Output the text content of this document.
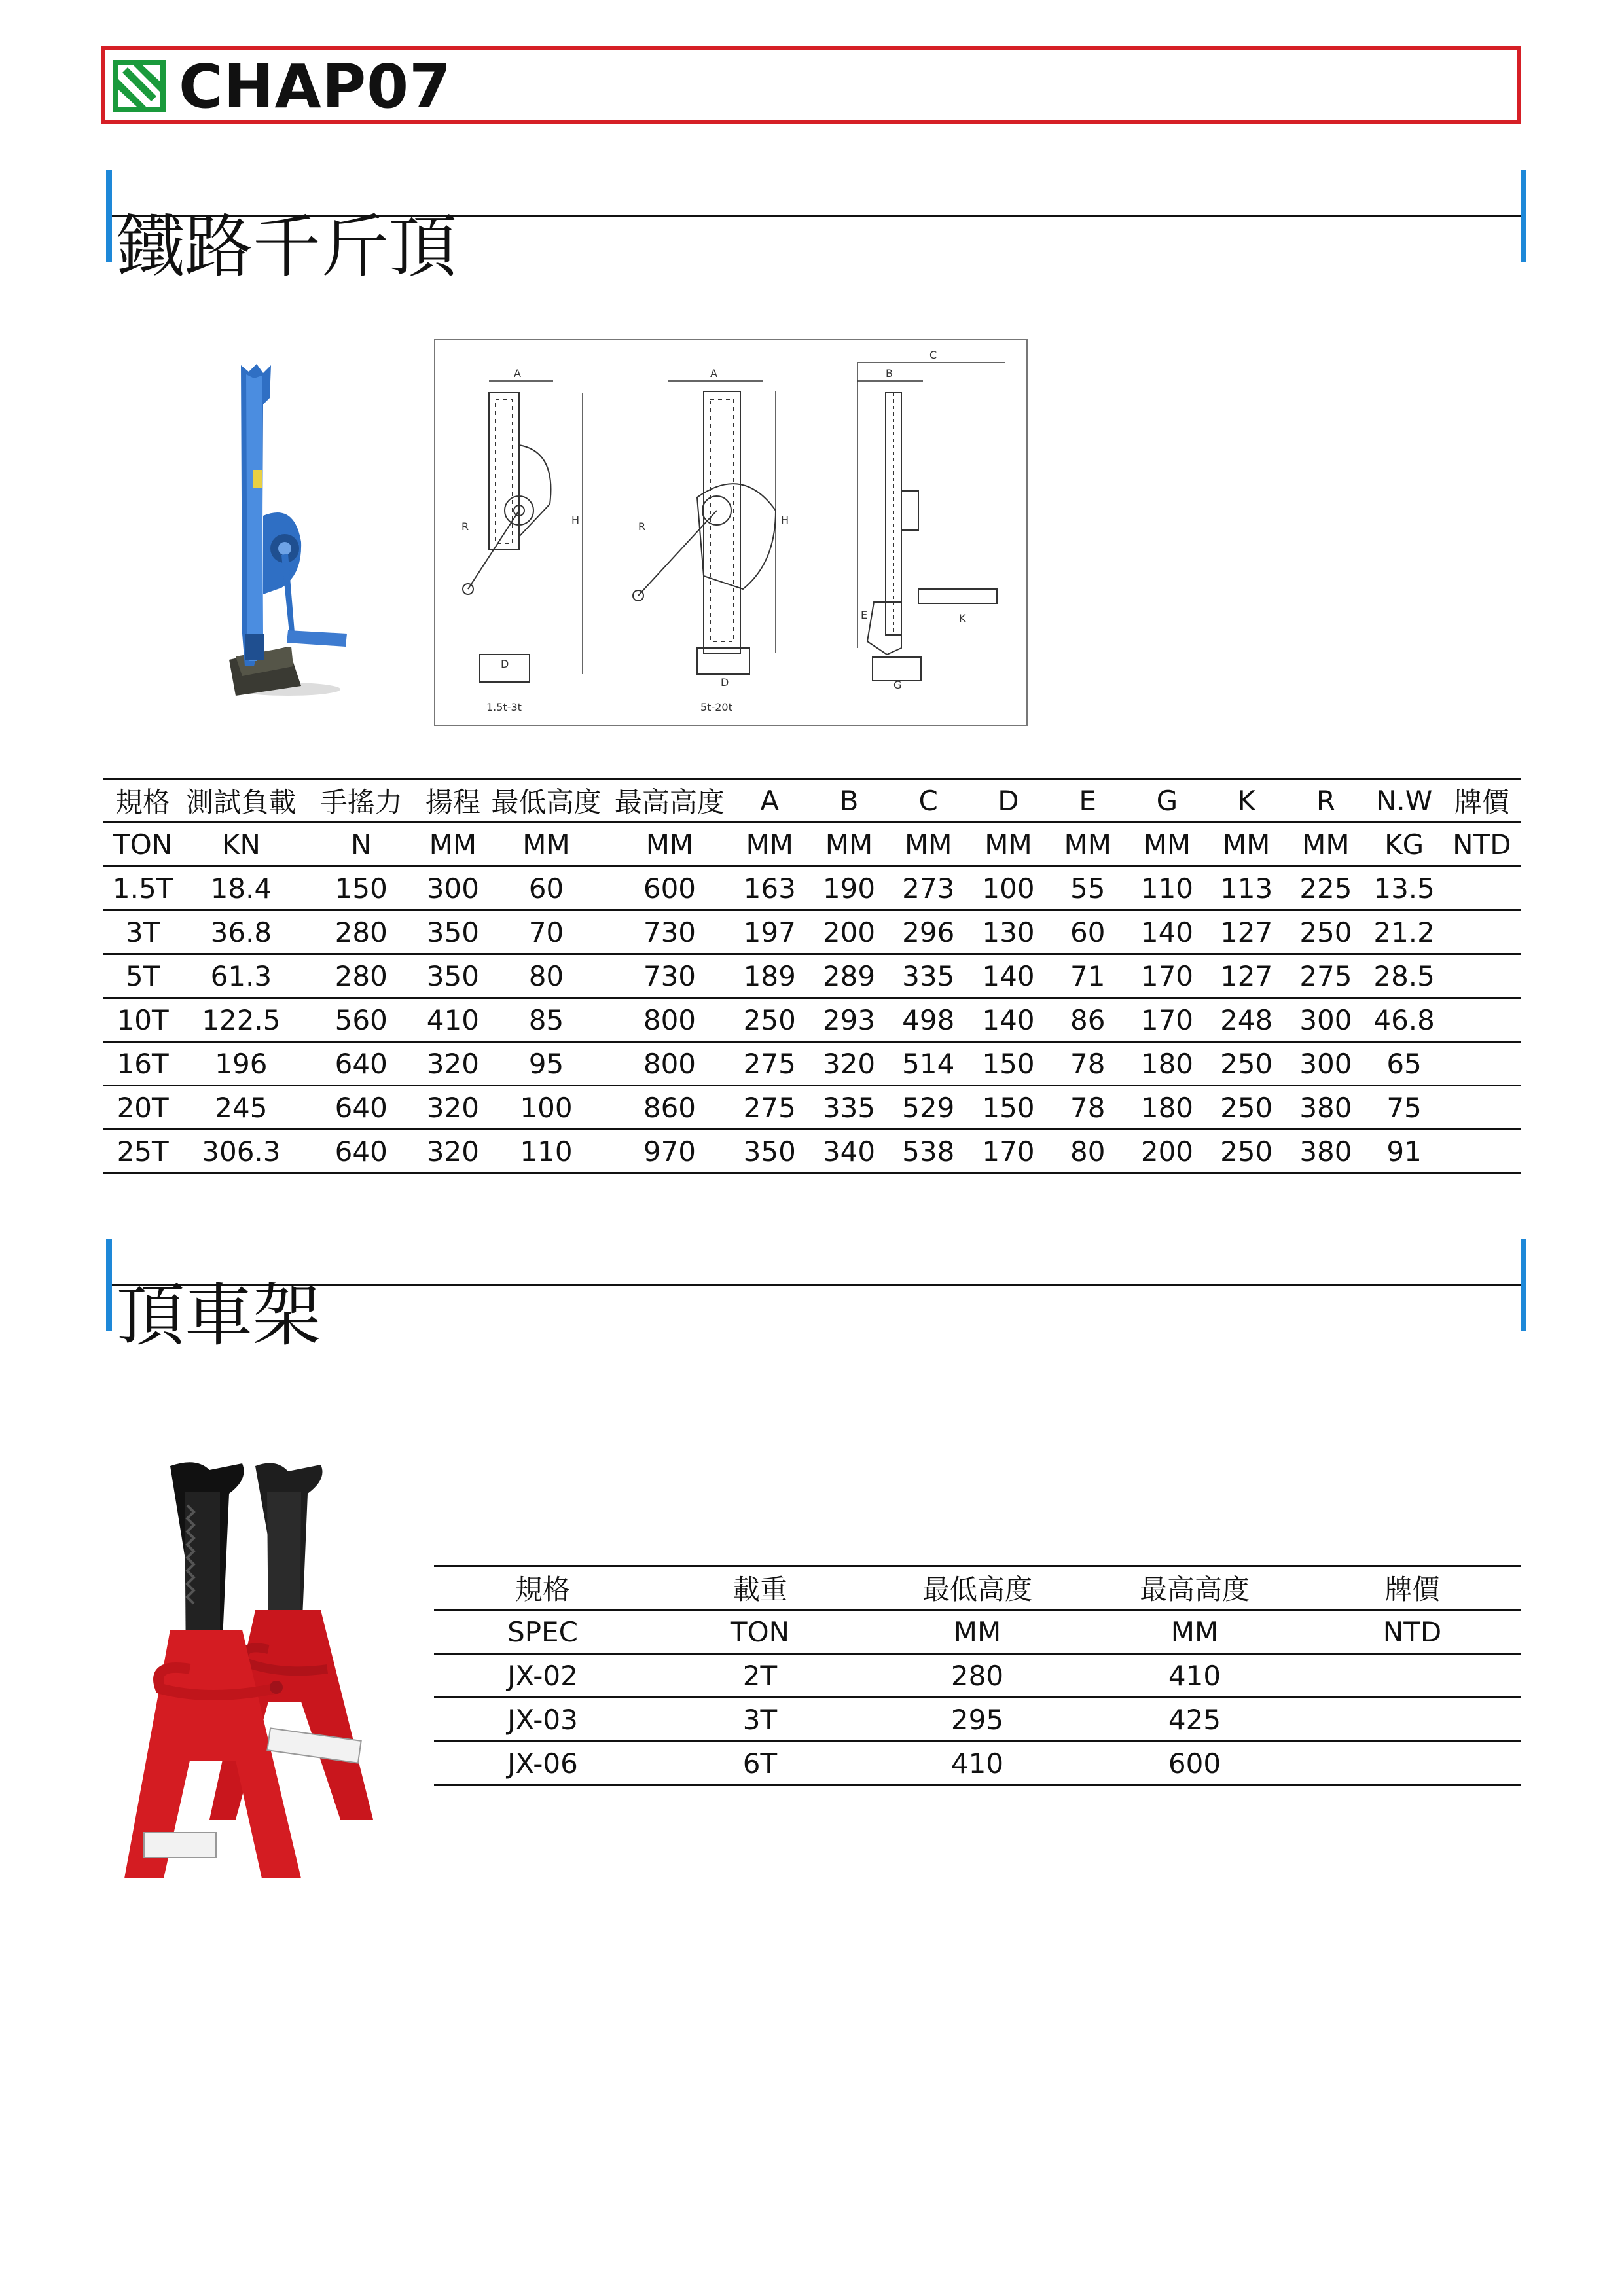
CHAP07
鐵路千斤頂
A
R
H
D
1.5t-3t
A
R
H
D
5t-20t
C
B
K
E
G
規格	測試負載	手搖力	揚程	最低高度	最高高度	A	B	C	D	E	G	K	R	N.W	牌價
TON	KN	N	MM	MM	MM	MM	MM	MM	MM	MM	MM	MM	MM	KG	NTD
1.5T	18.4	150	300	60	600	163	190	273	100	55	110	113	225	13.5	
3T	36.8	280	350	70	730	197	200	296	130	60	140	127	250	21.2	
5T	61.3	280	350	80	730	189	289	335	140	71	170	127	275	28.5	
10T	122.5	560	410	85	800	250	293	498	140	86	170	248	300	46.8	
16T	196	640	320	95	800	275	320	514	150	78	180	250	300	65	
20T	245	640	320	100	860	275	335	529	150	78	180	250	380	75	
25T	306.3	640	320	110	970	350	340	538	170	80	200	250	380	91	
頂車架
規格	載重	最低高度	最高高度	牌價
SPEC	TON	MM	MM	NTD
JX-02	2T	280	410	
JX-03	3T	295	425	
JX-06	6T	410	600	
